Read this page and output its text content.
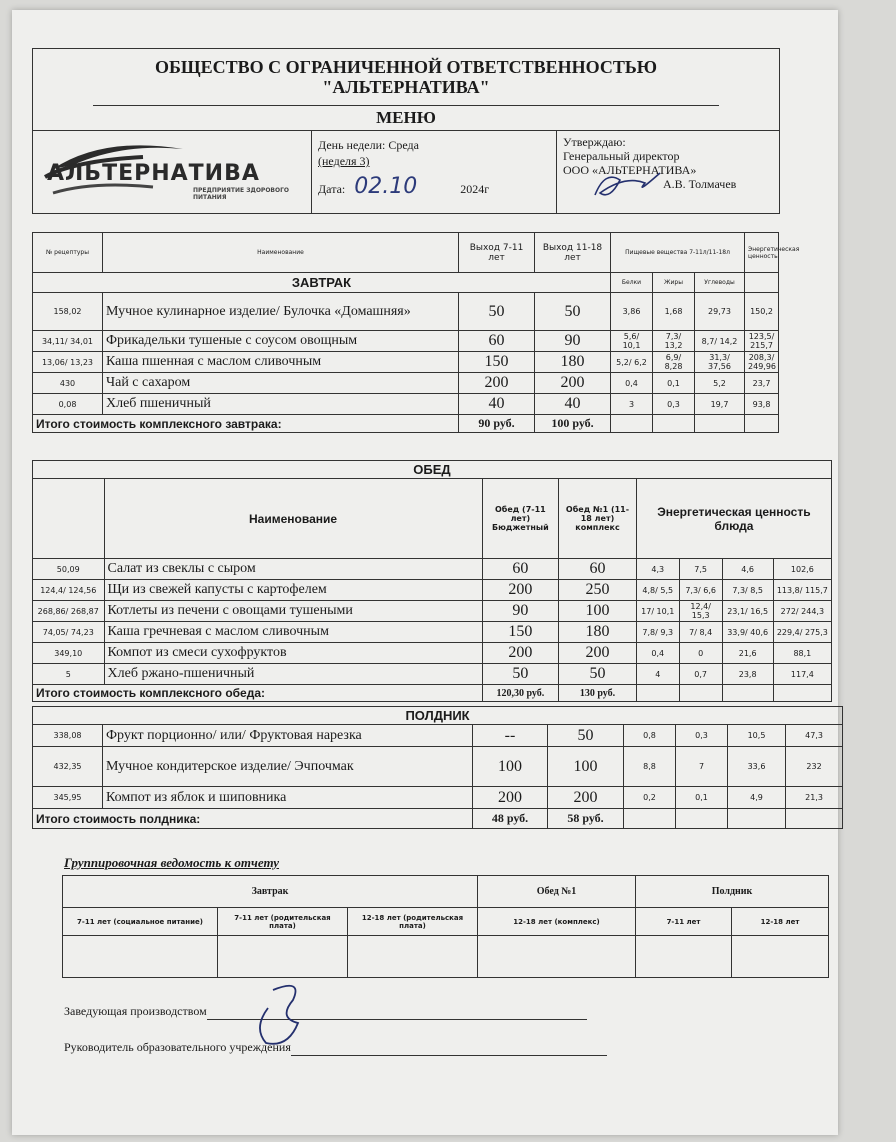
ОБЩЕСТВО С ОГРАНИЧЕННОЙ ОТВЕТСТВЕННОСТЬЮ
"АЛЬТЕРНАТИВА"
МЕНЮ
АЛЬТЕРНАТИВА
ПРЕДПРИЯТИЕ ЗДОРОВОГО ПИТАНИЯ
День недели: Среда
(неделя 3)
Дата: 02.10	2024г
Утверждаю:
Генеральный директор
ООО «АЛЬТЕРНАТИВА»
А.В. Толмачев
№ рецептуры	Наименование	Выход 7-11 лет	Выход 11-18 лет	Пищевые вещества 7-11л/11-18л			Энергетическая ценность
ЗАВТРАК				Белки	Жиры	Углеводы	
158,02	Мучное кулинарное изделие/ Булочка «Домашняя»	50	50	3,86	1,68	29,73	150,2
34,11/ 34,01	Фрикадельки тушеные с соусом овощным	60	90	5,6/ 10,1	7,3/ 13,2	8,7/ 14,2	123,5/ 215,7
13,06/ 13,23	Каша пшенная с маслом сливочным	150	180	5,2/ 6,2	6,9/ 8,28	31,3/ 37,56	208,3/ 249,96
430	Чай с сахаром	200	200	0,4	0,1	5,2	23,7
0,08	Хлеб пшеничный	40	40	3	0,3	19,7	93,8
Итого стоимость комплексного завтрака:		90 руб.	100 руб.				
ОБЕД							
	Наименование	Обед (7-11 лет) Бюджетный	Обед №1 (11-18 лет) комплекс	Энергетическая ценность блюда			
50,09	Салат из свеклы с сыром	60	60	4,3	7,5	4,6	102,6
124,4/ 124,56	Щи из свежей капусты с картофелем	200	250	4,8/ 5,5	7,3/ 6,6	7,3/ 8,5	113,8/ 115,7
268,86/ 268,87	Котлеты из печени с овощами тушеными	90	100	17/ 10,1	12,4/ 15,3	23,1/ 16,5	272/ 244,3
74,05/ 74,23	Каша гречневая с маслом сливочным	150	180	7,8/ 9,3	7/ 8,4	33,9/ 40,6	229,4/ 275,3
349,10	Компот из смеси сухофруктов	200	200	0,4	0	21,6	88,1
5	Хлеб ржано-пшеничный	50	50	4	0,7	23,8	117,4
Итого стоимость комплексного обеда:		120,30 руб.	130 руб.				
ПОЛДНИК							
338,08	Фрукт порционно/ или/ Фруктовая нарезка	--	50	0,8	0,3	10,5	47,3
432,35	Мучное кондитерское изделие/ Эчпочмак	100	100	8,8	7	33,6	232
345,95	Компот из яблок и шиповника	200	200	0,2	0,1	4,9	21,3
Итого стоимость полдника:		48 руб.	58 руб.				
Группировочная ведомость к отчету
Завтрак			Обед №1	Полдник	
7-11 лет (социальное питание)	7-11 лет (родительская плата)	12-18 лет (родительская плата)	12-18 лет (комплекс)	7-11 лет	12-18 лет

Заведующая производством
Руководитель образовательного учреждения
